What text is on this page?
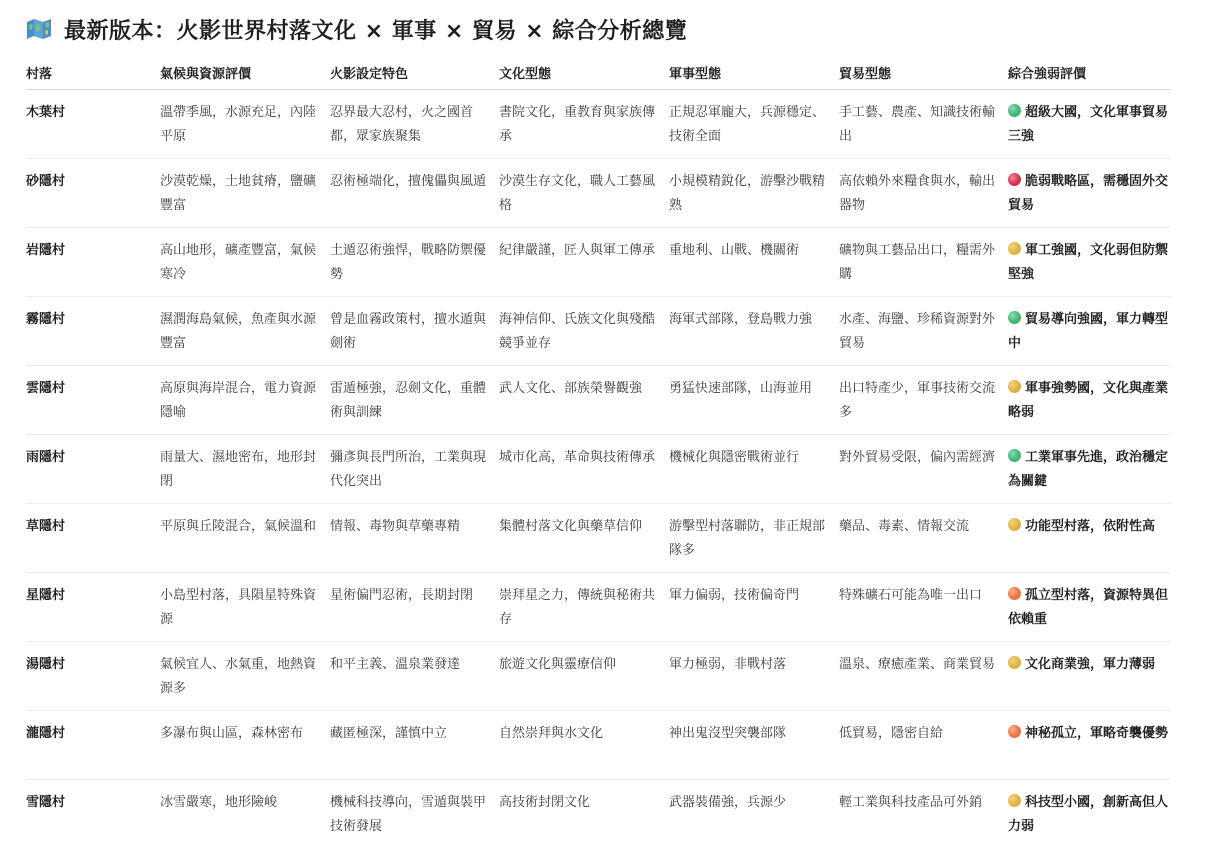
最新版本：火影世界村落文化 × 軍事 × 貿易 × 綜合分析總覽
村落	氣候與資源評價	火影設定特色	文化型態	軍事型態	貿易型態	綜合強弱評價
木葉村	溫帶季風，水源充足，內陸平原	忍界最大忍村，火之國首都，眾家族聚集	書院文化，重教育與家族傳承	正規忍軍龐大，兵源穩定、技術全面	手工藝、農產、知識技術輸出	超級大國，文化軍事貿易三強
砂隱村	沙漠乾燥，土地貧瘠，鹽礦豐富	忍術極端化，擅傀儡與風遁	沙漠生存文化，職人工藝風格	小規模精銳化，游擊沙戰精熟	高依賴外來糧食與水，輸出器物	脆弱戰略區，需穩固外交貿易
岩隱村	高山地形，礦產豐富，氣候寒冷	土遁忍術強悍，戰略防禦優勢	紀律嚴謹，匠人與軍工傳承	重地利、山戰、機關術	礦物與工藝品出口，糧需外購	軍工強國，文化弱但防禦堅強
霧隱村	濕潤海島氣候，魚產與水源豐富	曾是血霧政策村，擅水遁與劍術	海神信仰、氏族文化與殘酷競爭並存	海軍式部隊，登島戰力強	水產、海鹽、珍稀資源對外貿易	貿易導向強國，軍力轉型中
雲隱村	高原與海岸混合，電力資源隱喻	雷遁極強，忍劍文化，重體術與訓練	武人文化、部族榮譽觀強	勇猛快速部隊，山海並用	出口特產少，軍事技術交流多	軍事強勢國，文化與產業略弱
雨隱村	雨量大、濕地密布，地形封閉	彌彥與長門所治，工業與現代化突出	城市化高，革命與技術傳承	機械化與隱密戰術並行	對外貿易受限，偏內需經濟	工業軍事先進，政治穩定為關鍵
草隱村	平原與丘陵混合，氣候溫和	情報、毒物與草藥專精	集體村落文化與藥草信仰	游擊型村落聯防，非正規部隊多	藥品、毒素、情報交流	功能型村落，依附性高
星隱村	小島型村落，具隕星特殊資源	星術偏門忍術，長期封閉	崇拜星之力，傳統與秘術共存	軍力偏弱，技術偏奇門	特殊礦石可能為唯一出口	孤立型村落，資源特異但依賴重
湯隱村	氣候宜人、水氣重，地熱資源多	和平主義、溫泉業發達	旅遊文化與靈療信仰	軍力極弱，非戰村落	溫泉、療癒產業、商業貿易	文化商業強，軍力薄弱
瀧隱村	多瀑布與山區，森林密布	藏匿極深，謹慎中立	自然崇拜與水文化	神出鬼沒型突襲部隊	低貿易，隱密自給	神秘孤立，軍略奇襲優勢
雪隱村	冰雪嚴寒，地形險峻	機械科技導向，雪遁與裝甲技術發展	高技術封閉文化	武器裝備強，兵源少	輕工業與科技產品可外銷	科技型小國，創新高但人力弱
